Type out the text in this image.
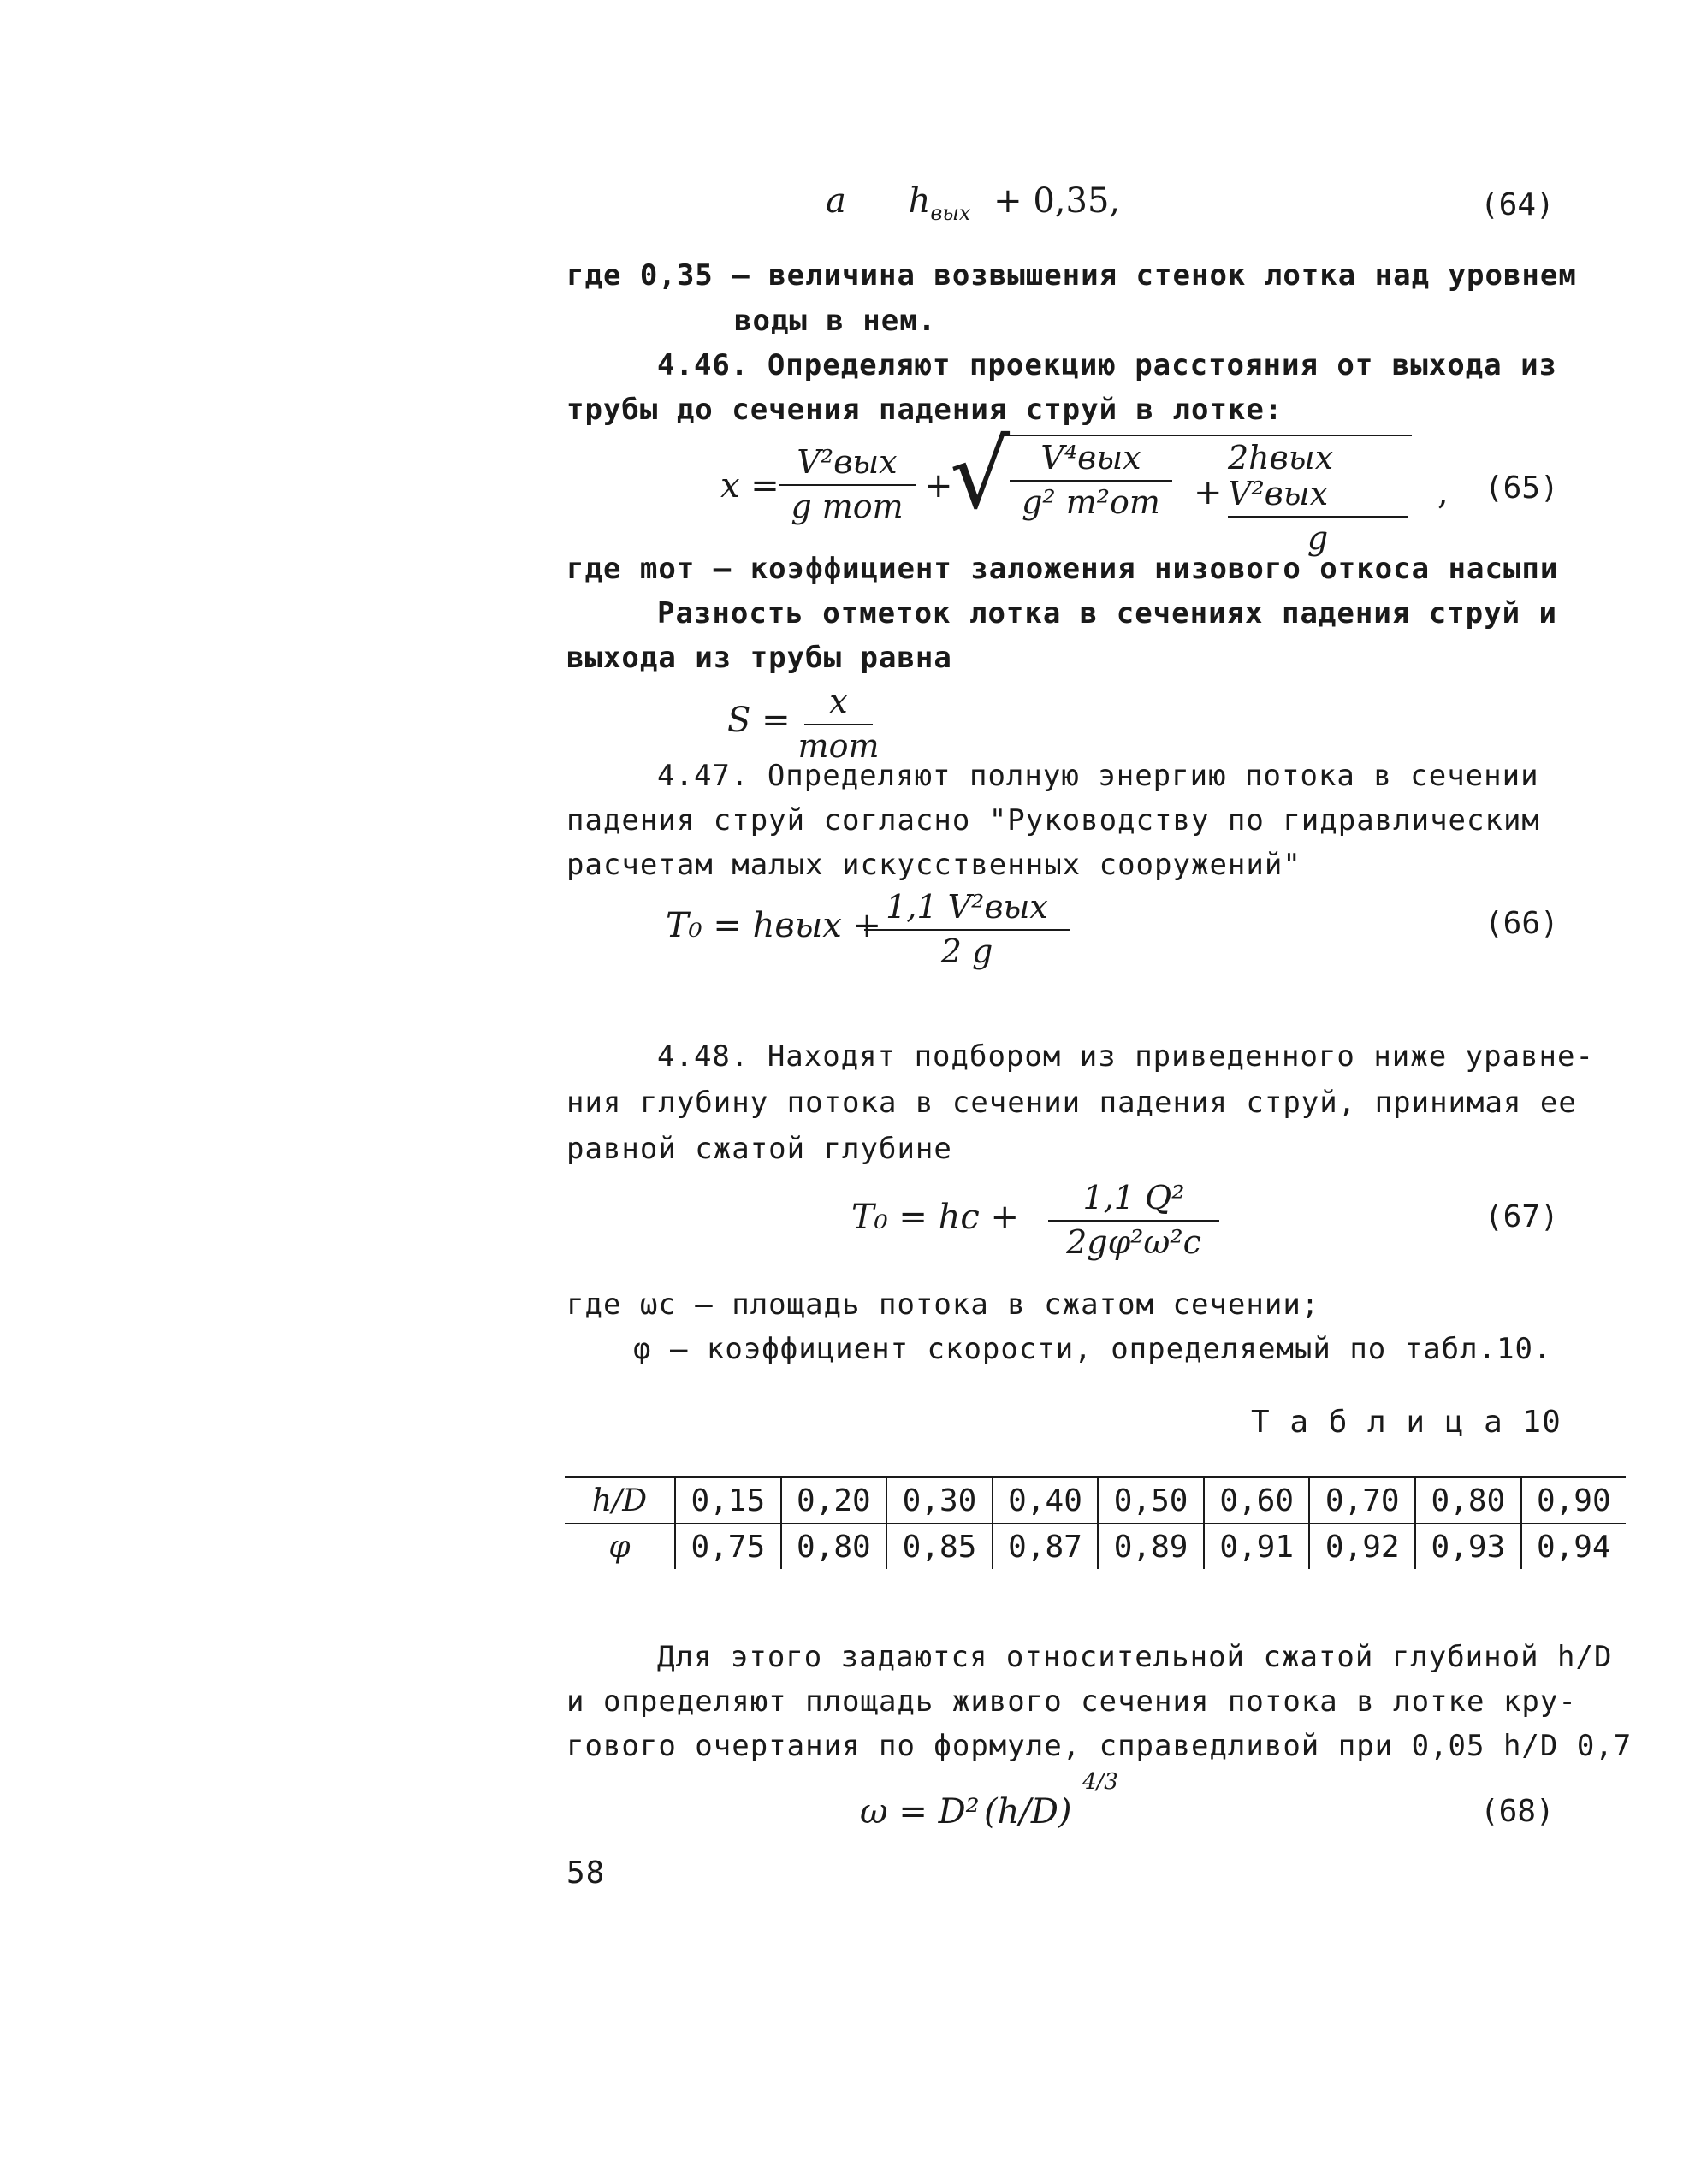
a $h_{вых} + 0,35$,	(64)
где 0,35 – величина возвышения стенок лотка над уровнем
воды в нем.
4.46. Определяют проекцию расстояния от выхода из
трубы до сечения падения струй в лотке:
x =
V²вых
g mот
+
√ V⁴вых
g² m²от +
2hвых V²вых
g
, (65)
где mот – коэффициент заложения низового откоса насыпи
Разность отметок лотка в сечениях падения струй и
выхода из трубы равна
S = x
mот
4.47. Определяют полную энергию потока в сечении
падения струй согласно "Руководству по гидравлическим
расчетам малых искусственных сооружений"
T₀ = hвых + 1,1 V²вых
2 g
(66)
4.48. Находят подбором из приведенного ниже уравне-
ния глубину потока в сечении падения струй, принимая ее
равной сжатой глубине
T₀ = hс + 1,1 Q²
2gφ²ω²с
(67)
где ωс – площадь потока в сжатом сечении;
φ – коэффициент скорости, определяемый по табл.10.
Т а б л и ц а 10
h/D	0,15	0,20	0,30	0,40	0,50	0,60	0,70	0,80	0,90
φ	0,75	0,80	0,85	0,87	0,89	0,91	0,92	0,93	0,94
Для этого задаются относительной сжатой глубиной h/D
и определяют площадь живого сечения потока в лотке кру-
гового очертания по формуле, справедливой при 0,05 h/D 0,7
ω = D² (h/D)
4/3
(68)
58
